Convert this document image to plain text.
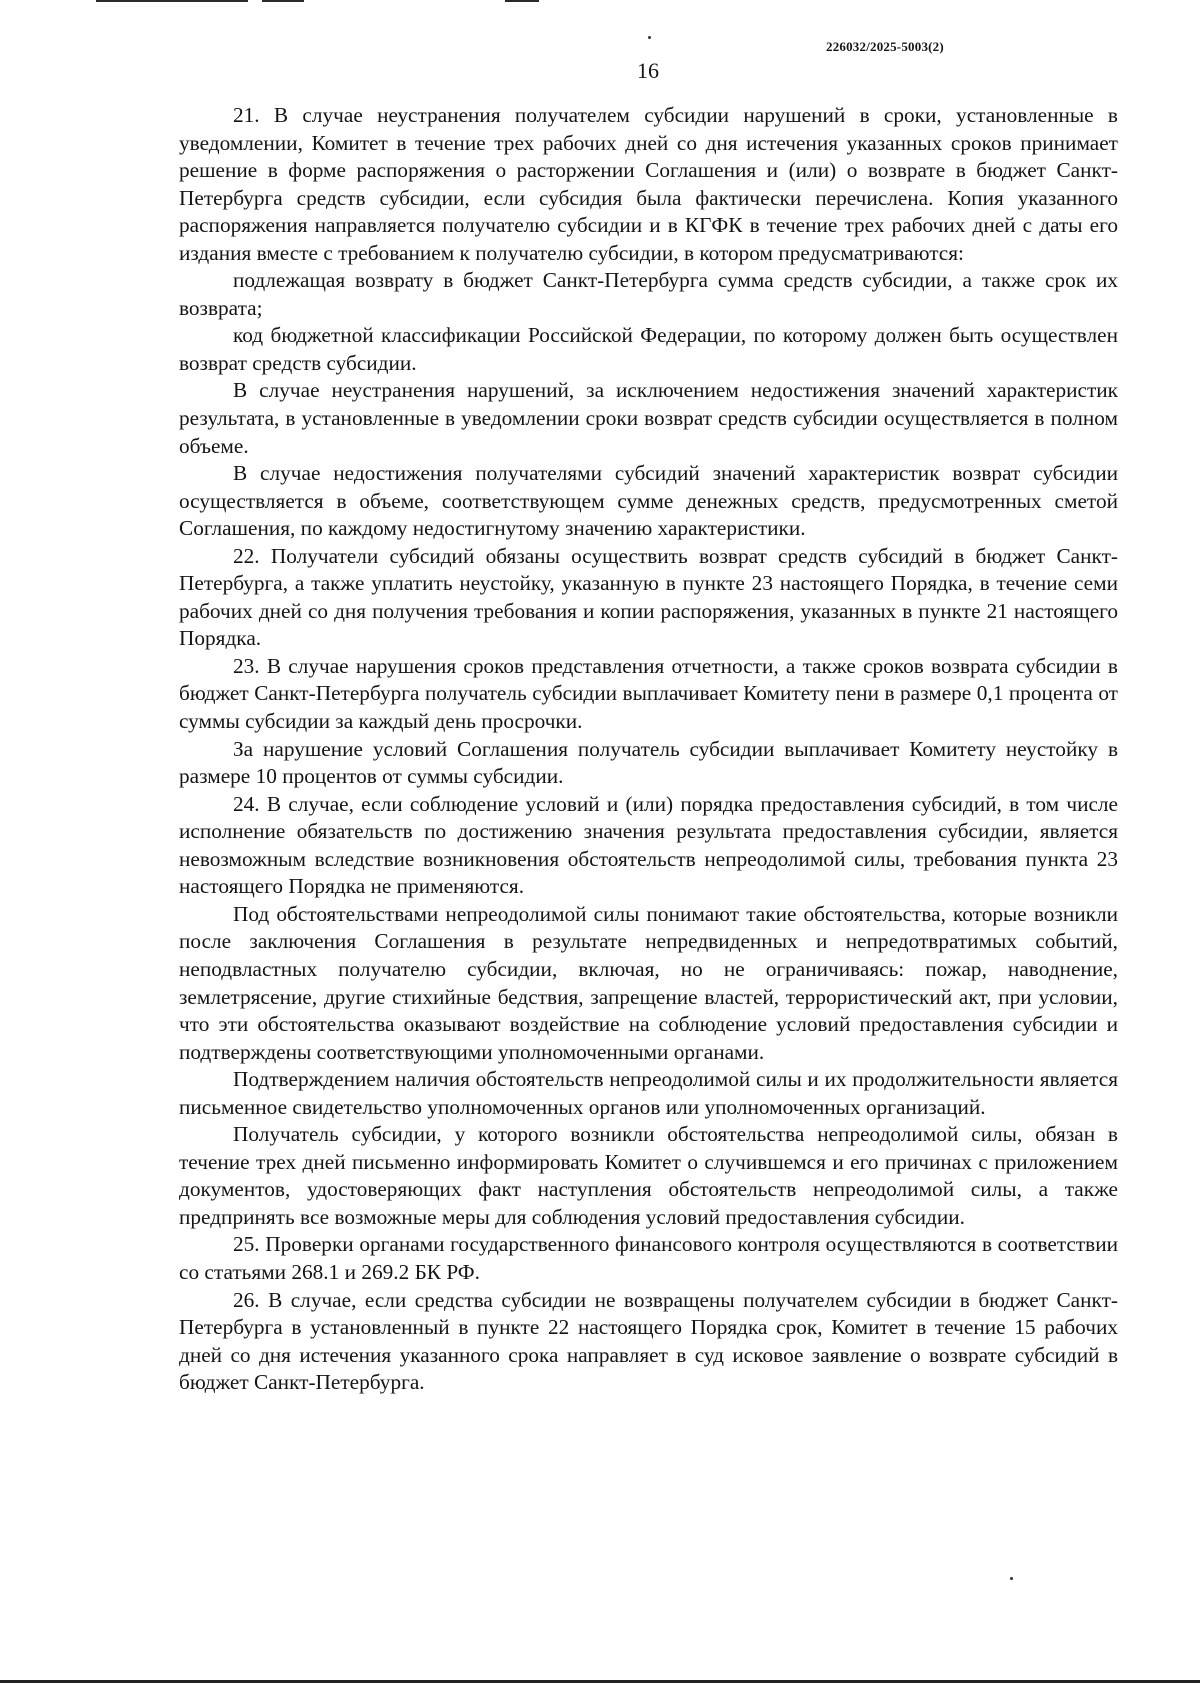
226032/2025-5003(2)
16

21. В случае неустранения получателем субсидии нарушений в сроки, установленные в уведомлении, Комитет в течение трех рабочих дней со дня истечения указанных сроков принимает решение в форме распоряжения о расторжении Соглашения и (или) о возврате в бюджет Санкт-Петербурга средств субсидии, если субсидия была фактически перечислена. Копия указанного распоряжения направляется получателю субсидии и в КГФК в течение трех рабочих дней с даты его издания вместе с требованием к получателю субсидии, в котором предусматриваются:

подлежащая возврату в бюджет Санкт-Петербурга сумма средств субсидии, а также срок их возврата;

код бюджетной классификации Российской Федерации, по которому должен быть осуществлен возврат средств субсидии.

В случае неустранения нарушений, за исключением недостижения значений характеристик результата, в установленные в уведомлении сроки возврат средств субсидии осуществляется в полном объеме.

В случае недостижения получателями субсидий значений характеристик возврат субсидии осуществляется в объеме, соответствующем сумме денежных средств, предусмотренных сметой Соглашения, по каждому недостигнутому значению характеристики.

22. Получатели субсидий обязаны осуществить возврат средств субсидий в бюджет Санкт-Петербурга, а также уплатить неустойку, указанную в пункте 23 настоящего Порядка, в течение семи рабочих дней со дня получения требования и копии распоряжения, указанных в пункте 21 настоящего Порядка.

23. В случае нарушения сроков представления отчетности, а также сроков возврата субсидии в бюджет Санкт-Петербурга получатель субсидии выплачивает Комитету пени в размере 0,1 процента от суммы субсидии за каждый день просрочки.

За нарушение условий Соглашения получатель субсидии выплачивает Комитету неустойку в размере 10 процентов от суммы субсидии.

24. В случае, если соблюдение условий и (или) порядка предоставления субсидий, в том числе исполнение обязательств по достижению значения результата предоставления субсидии, является невозможным вследствие возникновения обстоятельств непреодолимой силы, требования пункта 23 настоящего Порядка не применяются.

Под обстоятельствами непреодолимой силы понимают такие обстоятельства, которые возникли после заключения Соглашения в результате непредвиденных и непредотвратимых событий, неподвластных получателю субсидии, включая, но не ограничиваясь: пожар, наводнение, землетрясение, другие стихийные бедствия, запрещение властей, террористический акт, при условии, что эти обстоятельства оказывают воздействие на соблюдение условий предоставления субсидии и подтверждены соответствующими уполномоченными органами.

Подтверждением наличия обстоятельств непреодолимой силы и их продолжительности является письменное свидетельство уполномоченных органов или уполномоченных организаций.

Получатель субсидии, у которого возникли обстоятельства непреодолимой силы, обязан в течение трех дней письменно информировать Комитет о случившемся и его причинах с приложением документов, удостоверяющих факт наступления обстоятельств непреодолимой силы, а также предпринять все возможные меры для соблюдения условий предоставления субсидии.

25. Проверки органами государственного финансового контроля осуществляются в соответствии со статьями 268.1 и 269.2 БК РФ.

26. В случае, если средства субсидии не возвращены получателем субсидии в бюджет Санкт-Петербурга в установленный в пункте 22 настоящего Порядка срок, Комитет в течение 15 рабочих дней со дня истечения указанного срока направляет в суд исковое заявление о возврате субсидий в бюджет Санкт-Петербурга.
